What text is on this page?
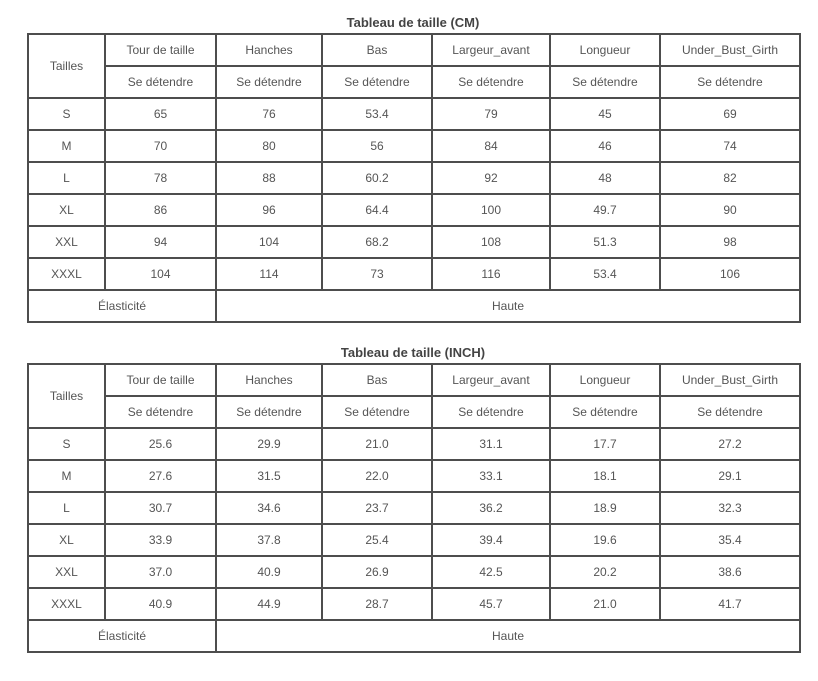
Tableau de taille (CM)
Tailles	Tour de taille	Hanches	Bas	Largeur_avant	Longueur	Under_Bust_Girth
	Se détendre	Se détendre	Se détendre	Se détendre	Se détendre	Se détendre
S	65	76	53.4	79	45	69
M	70	80	56	84	46	74
L	78	88	60.2	92	48	82
XL	86	96	64.4	100	49.7	90
XXL	94	104	68.2	108	51.3	98
XXXL	104	114	73	116	53.4	106
Élasticité		Haute				
Tableau de taille (INCH)
Tailles	Tour de taille	Hanches	Bas	Largeur_avant	Longueur	Under_Bust_Girth
	Se détendre	Se détendre	Se détendre	Se détendre	Se détendre	Se détendre
S	25.6	29.9	21.0	31.1	17.7	27.2
M	27.6	31.5	22.0	33.1	18.1	29.1
L	30.7	34.6	23.7	36.2	18.9	32.3
XL	33.9	37.8	25.4	39.4	19.6	35.4
XXL	37.0	40.9	26.9	42.5	20.2	38.6
XXXL	40.9	44.9	28.7	45.7	21.0	41.7
Élasticité		Haute				
